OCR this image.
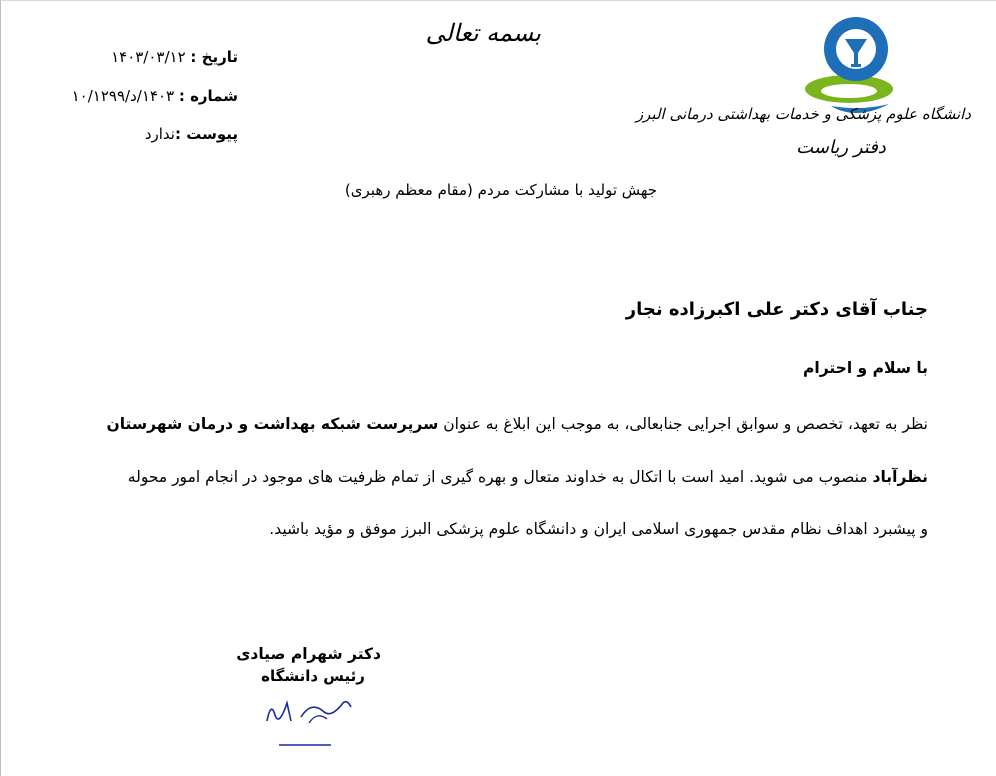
بسمه تعالی
تاریخ : ۱۴۰۳/۰۳/۱۲
شماره : ۱۴۰۳/د/۱۰/۱۲۹۹
پیوست :ندارد
دانشگاه علوم پزشکی و خدمات بهداشتی درمانی البرز
دفتر ریاست
جهش تولید با مشارکت مردم (مقام معظم رهبری)
جناب آقای دکتر علی اکبرزاده نجار
با سلام و احترام
نظر به تعهد، تخصص و سوابق اجرایی جنابعالی، به موجب این ابلاغ به عنوان سرپرست شبکه بهداشت و درمان شهرستان
نظرآباد منصوب می شوید. امید است با اتکال به خداوند متعال و بهره گیری از تمام ظرفیت های موجود در انجام امور محوله
و پیشبرد اهداف نظام مقدس جمهوری اسلامی ایران و دانشگاه علوم پزشکی البرز موفق و مؤید باشید.
دکتر شهرام صیادی
رئیس دانشگاه
